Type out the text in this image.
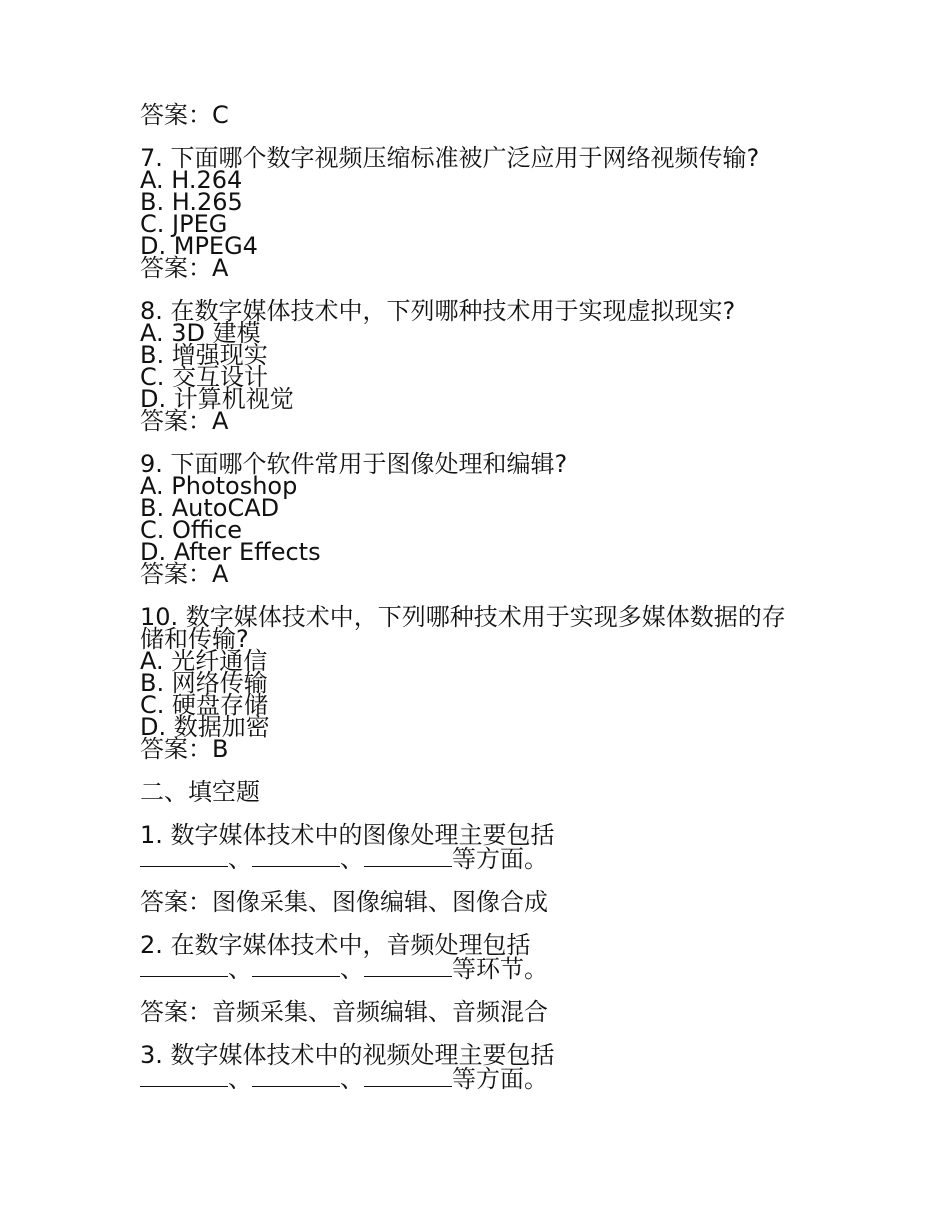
答案：C
7. 下面哪个数字视频压缩标准被广泛应用于网络视频传输?
A. H.264
B. H.265
C. JPEG
D. MPEG4
答案：A
8. 在数字媒体技术中，下列哪种技术用于实现虚拟现实?
A. 3D 建模
B. 增强现实
C. 交互设计
D. 计算机视觉
答案：A
9. 下面哪个软件常用于图像处理和编辑?
A. Photoshop
B. AutoCAD
C. Office
D. After Effects
答案：A
10. 数字媒体技术中，下列哪种技术用于实现多媒体数据的存
储和传输?
A. 光纤通信
B. 网络传输
C. 硬盘存储
D. 数据加密
答案：B
二、填空题
1. 数字媒体技术中的图像处理主要包括
、	、	等方面。
答案：图像采集、图像编辑、图像合成
2. 在数字媒体技术中，音频处理包括
、	、	等环节。
答案：音频采集、音频编辑、音频混合
3. 数字媒体技术中的视频处理主要包括
、	、	等方面。
